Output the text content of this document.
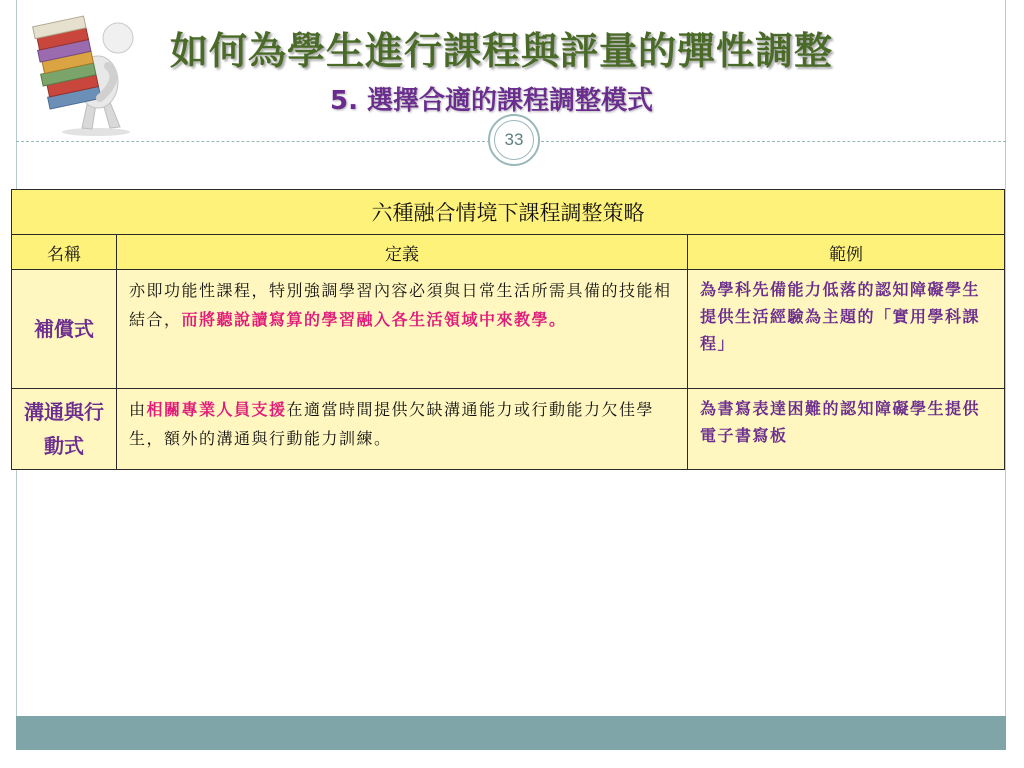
33
如何為學生進行課程與評量的彈性調整
5. 選擇合適的課程調整模式
六種融合情境下課程調整策略		
名稱	定義	範例
補償式	亦即功能性課程，特別強調學習內容必須與日常生活所需具備的技能相結合，而將聽說讀寫算的學習融入各生活領域中來教學。	為學科先備能力低落的認知障礙學生提供生活經驗為主題的「實用學科課程」
溝通與行動式	由相關專業人員支援在適當時間提供欠缺溝通能力或行動能力欠佳學生，額外的溝通與行動能力訓練。	為書寫表達困難的認知障礙學生提供電子書寫板
